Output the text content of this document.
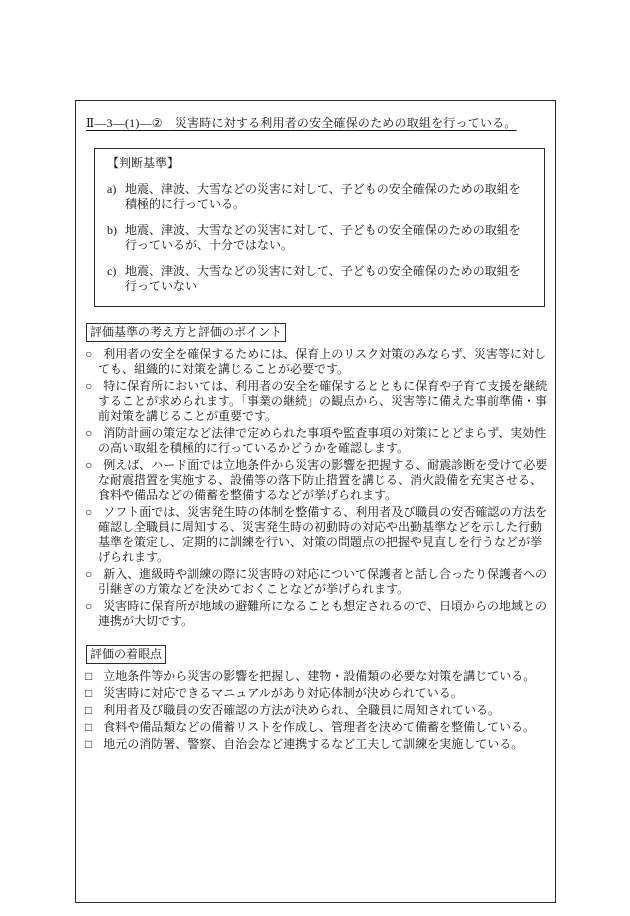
Ⅱ―3―(1)―②　災害時に対する利用者の安全確保のための取組を行っている。
【判断基準】
a) 地震、津波、大雪などの災害に対して、子どもの安全確保のための取組を積極的に行っている。
b) 地震、津波、大雪などの災害に対して、子どもの安全確保のための取組を行っているが、十分ではない。
c) 地震、津波、大雪などの災害に対して、子どもの安全確保のための取組を行っていない
評価基準の考え方と評価のポイント
○ 利用者の安全を確保するためには、保育上のリスク対策のみならず、災害等に対しても、組織的に対策を講じることが必要です。
○ 特に保育所においては、利用者の安全を確保するとともに保育や子育て支援を継続することが求められます。「事業の継続」の観点から、災害等に備えた事前準備・事前対策を講じることが重要です。
○ 消防計画の策定など法律で定められた事項や監査事項の対策にとどまらず、実効性の高い取組を積極的に行っているかどうかを確認します。
○ 例えば、ハード面では立地条件から災害の影響を把握する、耐震診断を受けて必要な耐震措置を実施する、設備等の落下防止措置を講じる、消火設備を充実させる、食料や備品などの備蓄を整備するなどが挙げられます。
○ ソフト面では、災害発生時の体制を整備する、利用者及び職員の安否確認の方法を確認し全職員に周知する、災害発生時の初動時の対応や出勤基準などを示した行動基準を策定し、定期的に訓練を行い、対策の問題点の把握や見直しを行うなどが挙げられます。
○ 新入、進級時や訓練の際に災害時の対応について保護者と話し合ったり保護者への引継ぎの方策などを決めておくことなどが挙げられます。
○ 災害時に保育所が地域の避難所になることも想定されるので、日頃からの地域との連携が大切です。
評価の着眼点
□ 立地条件等から災害の影響を把握し、建物・設備類の必要な対策を講じている。
□ 災害時に対応できるマニュアルがあり対応体制が決められている。
□ 利用者及び職員の安否確認の方法が決められ、全職員に周知されている。
□ 食料や備品類などの備蓄リストを作成し、管理者を決めて備蓄を整備している。
□ 地元の消防署、警察、自治会など連携するなど工夫して訓練を実施している。
